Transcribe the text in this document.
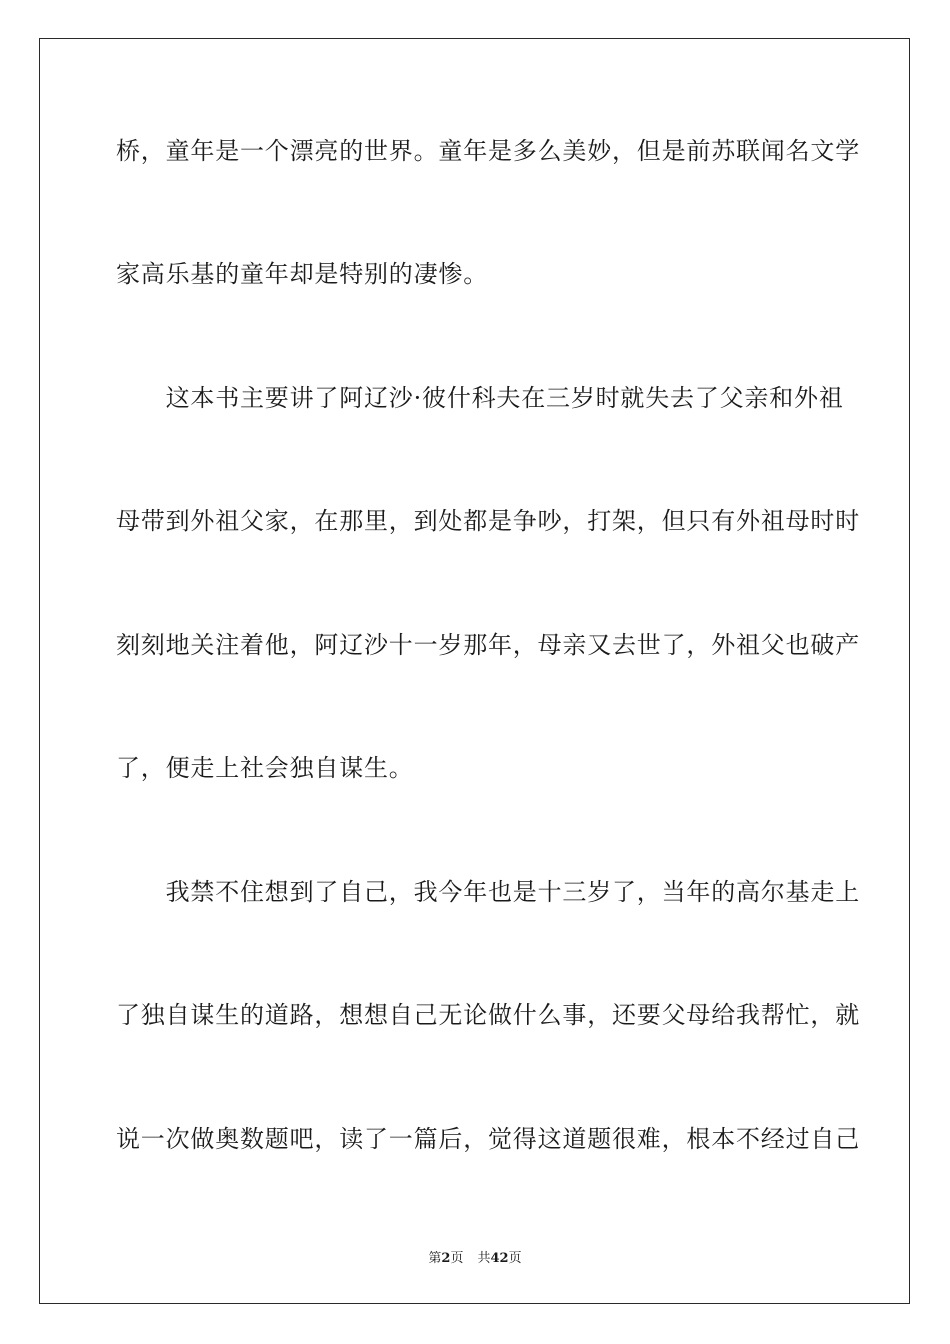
桥，童年是一个漂亮的世界。童年是多么美妙，但是前苏联闻名文学
家高乐基的童年却是特别的凄惨。
　　这本书主要讲了阿辽沙·彼什科夫在三岁时就失去了父亲和外祖
母带到外祖父家，在那里，到处都是争吵，打架，但只有外祖母时时
刻刻地关注着他，阿辽沙十一岁那年，母亲又去世了，外祖父也破产
了，便走上社会独自谋生。
　　我禁不住想到了自己，我今年也是十三岁了，当年的高尔基走上
了独自谋生的道路，想想自己无论做什么事，还要父母给我帮忙，就
说一次做奥数题吧，读了一篇后，觉得这道题很难，根本不经过自己
第2页 共42页
